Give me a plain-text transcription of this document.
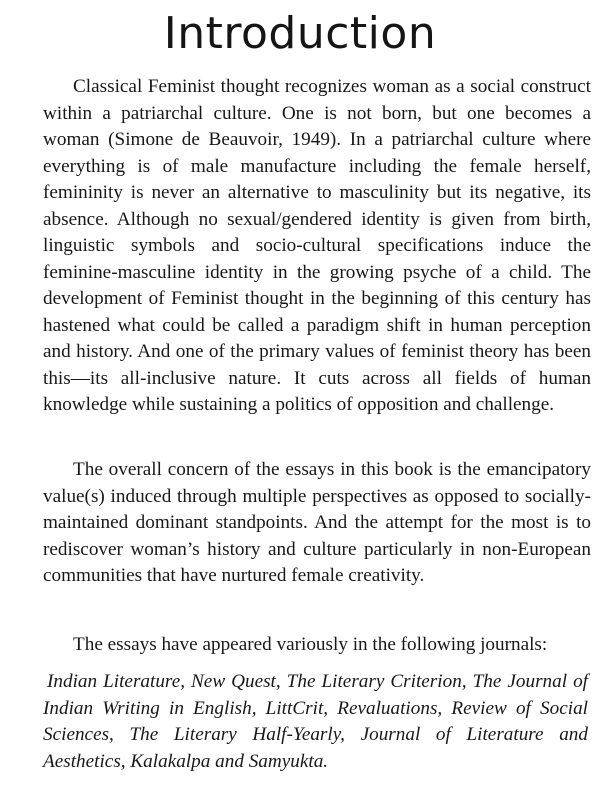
Introduction

Classical Feminist thought recognizes woman as a social construct within a patriarchal culture. One is not born, but one becomes a woman (Simone de Beauvoir, 1949). In a patriarchal culture where everything is of male manufacture including the female herself, femininity is never an alternative to masculinity but its negative, its absence. Although no sexual/gendered identity is given from birth, linguistic symbols and socio-cultural specifications induce the feminine-masculine identity in the growing psyche of a child. The development of Feminist thought in the beginning of this century has hastened what could be called a paradigm shift in human perception and history. And one of the primary values of feminist theory has been this—its all-inclusive nature. It cuts across all fields of human knowledge while sustaining a politics of opposition and challenge.

The overall concern of the essays in this book is the emancipatory value(s) induced through multiple perspectives as opposed to socially-maintained dominant standpoints. And the attempt for the most is to rediscover woman’s history and culture particularly in non-European communities that have nurtured female creativity.

The essays have appeared variously in the following journals:

Indian Literature, New Quest, The Literary Criterion, The Journal of Indian Writing in English, LittCrit, Revaluations, Review of Social Sciences, The Literary Half-Yearly, Journal of Literature and Aesthetics, Kalakalpa and Samyukta.
